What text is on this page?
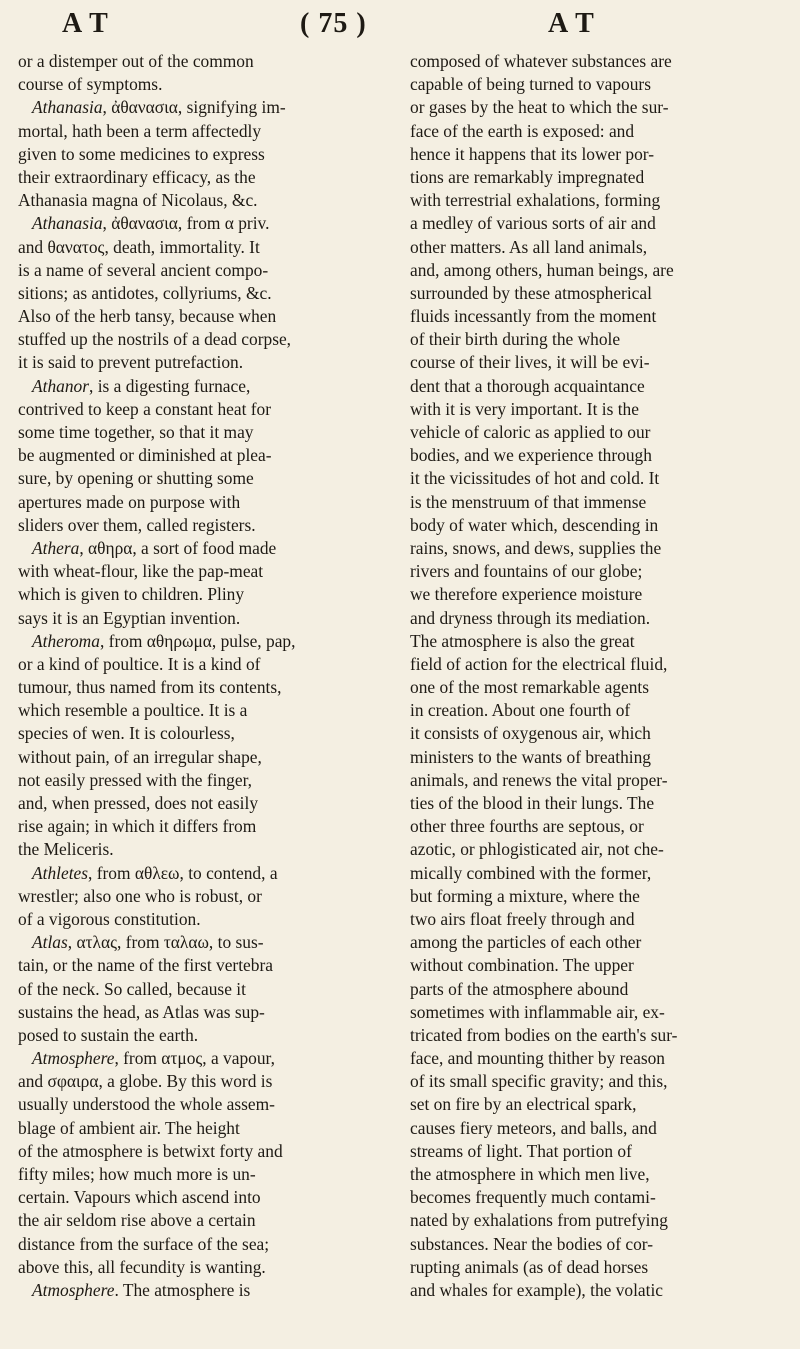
A T	( 75 )	A T
or a distemper out of the common
course of symptoms.
Athanasia, ἀθανασια, signifying im-
mortal, hath been a term affectedly
given to some medicines to express
their extraordinary efficacy, as the
Athanasia magna of Nicolaus, &c.
Athanasia, ἀθανασια, from α priv.
and θανατος, death, immortality. It
is a name of several ancient compo-
sitions; as antidotes, collyriums, &c.
Also of the herb tansy, because when
stuffed up the nostrils of a dead corpse,
it is said to prevent putrefaction.
Athanor, is a digesting furnace,
contrived to keep a constant heat for
some time together, so that it may
be augmented or diminished at plea-
sure, by opening or shutting some
apertures made on purpose with
sliders over them, called registers.
Athera, αθηρα, a sort of food made
with wheat-flour, like the pap-meat
which is given to children. Pliny
says it is an Egyptian invention.
Atheroma, from αθηρωμα, pulse, pap,
or a kind of poultice. It is a kind of
tumour, thus named from its contents,
which resemble a poultice. It is a
species of wen. It is colourless,
without pain, of an irregular shape,
not easily pressed with the finger,
and, when pressed, does not easily
rise again; in which it differs from
the Meliceris.
Athletes, from αθλεω, to contend, a
wrestler; also one who is robust, or
of a vigorous constitution.
Atlas, ατλας, from ταλαω, to sus-
tain, or the name of the first vertebra
of the neck. So called, because it
sustains the head, as Atlas was sup-
posed to sustain the earth.
Atmosphere, from ατμος, a vapour,
and σφαιρα, a globe. By this word is
usually understood the whole assem-
blage of ambient air. The height
of the atmosphere is betwixt forty and
fifty miles; how much more is un-
certain. Vapours which ascend into
the air seldom rise above a certain
distance from the surface of the sea;
above this, all fecundity is wanting.
Atmosphere. The atmosphere is
composed of whatever substances are
capable of being turned to vapours
or gases by the heat to which the sur-
face of the earth is exposed: and
hence it happens that its lower por-
tions are remarkably impregnated
with terrestrial exhalations, forming
a medley of various sorts of air and
other matters. As all land animals,
and, among others, human beings, are
surrounded by these atmospherical
fluids incessantly from the moment
of their birth during the whole
course of their lives, it will be evi-
dent that a thorough acquaintance
with it is very important. It is the
vehicle of caloric as applied to our
bodies, and we experience through
it the vicissitudes of hot and cold. It
is the menstruum of that immense
body of water which, descending in
rains, snows, and dews, supplies the
rivers and fountains of our globe;
we therefore experience moisture
and dryness through its mediation.
The atmosphere is also the great
field of action for the electrical fluid,
one of the most remarkable agents
in creation. About one fourth of
it consists of oxygenous air, which
ministers to the wants of breathing
animals, and renews the vital proper-
ties of the blood in their lungs. The
other three fourths are septous, or
azotic, or phlogisticated air, not che-
mically combined with the former,
but forming a mixture, where the
two airs float freely through and
among the particles of each other
without combination. The upper
parts of the atmosphere abound
sometimes with inflammable air, ex-
tricated from bodies on the earth's sur-
face, and mounting thither by reason
of its small specific gravity; and this,
set on fire by an electrical spark,
causes fiery meteors, and balls, and
streams of light. That portion of
the atmosphere in which men live,
becomes frequently much contami-
nated by exhalations from putrefying
substances. Near the bodies of cor-
rupting animals (as of dead horses
and whales for example), the volatic
